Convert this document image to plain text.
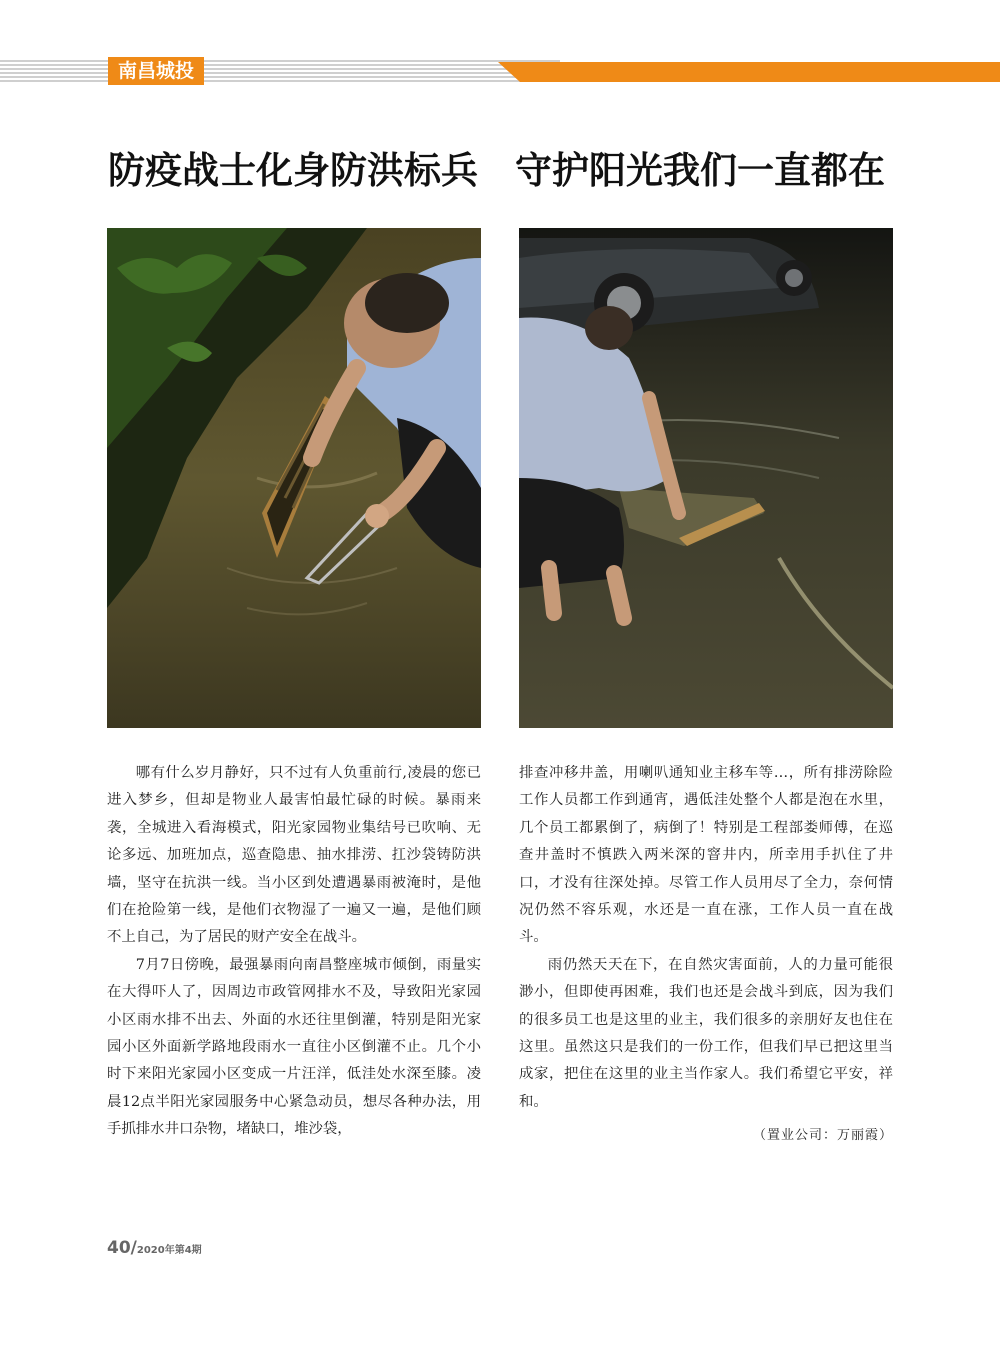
南昌城投
防疫战士化身防洪标兵　守护阳光我们一直都在

哪有什么岁月静好，只不过有人负重前行,凌晨的您已进入梦乡，但却是物业人最害怕最忙碌的时候。暴雨来袭，全城进入看海模式，阳光家园物业集结号已吹响、无论多远、加班加点，巡查隐患、抽水排涝、扛沙袋铸防洪墙，坚守在抗洪一线。当小区到处遭遇暴雨被淹时，是他们在抢险第一线，是他们衣物湿了一遍又一遍，是他们顾不上自己，为了居民的财产安全在战斗。

7月7日傍晚，最强暴雨向南昌整座城市倾倒，雨量实在大得吓人了，因周边市政管网排水不及，导致阳光家园小区雨水排不出去、外面的水还往里倒灌，特别是阳光家园小区外面新学路地段雨水一直往小区倒灌不止。几个小时下来阳光家园小区变成一片汪洋，低洼处水深至膝。凌晨12点半阳光家园服务中心紧急动员，想尽各种办法，用手抓排水井口杂物，堵缺口，堆沙袋，

排查冲移井盖，用喇叭通知业主移车等…，所有排涝除险工作人员都工作到通宵，遇低洼处整个人都是泡在水里，几个员工都累倒了，病倒了！特别是工程部娄师傅，在巡查井盖时不慎跌入两米深的窨井内，所幸用手扒住了井口，才没有往深处掉。尽管工作人员用尽了全力，奈何情况仍然不容乐观，水还是一直在涨，工作人员一直在战斗。

雨仍然天天在下，在自然灾害面前，人的力量可能很渺小，但即使再困难，我们也还是会战斗到底，因为我们的很多员工也是这里的业主，我们很多的亲朋好友也住在这里。虽然这只是我们的一份工作，但我们早已把这里当成家，把住在这里的业主当作家人。我们希望它平安，祥和。

（置业公司：万丽霞）
40/2020年第4期
